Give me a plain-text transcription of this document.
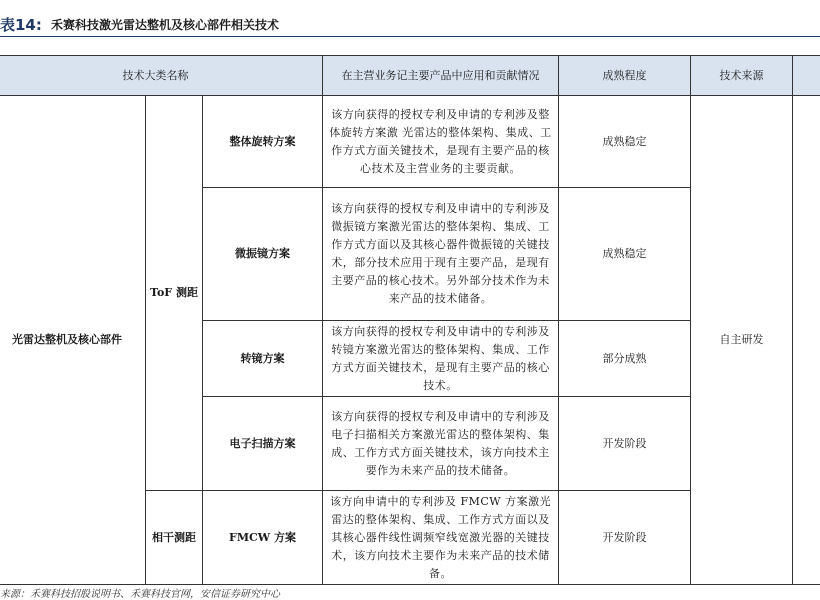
表14: 禾赛科技激光雷达整机及核心部件相关技术
技术大类名称			在主营业务记主要产品中应用和贡献情况	成熟程度	技术来源	
光雷达整机及核心部件	ToF 测距	整体旋转方案	该方向获得的授权专利及申请的专利涉及整体旋转方案激 光雷达的整体架构、集成、工作方式方面关键技术，是现有主要产品的核心技术及主营业务的主要贡献。	成熟稳定	自主研发	
		微振镜方案	该方向获得的授权专利及申请中的专利涉及微振镜方案激光雷达的整体架构、集成、工作方式方面以及其核心器件微振镜的关键技术，部分技术应用于现有主要产品，是现有主要产品的核心技术。另外部分技术作为未来产品的技术储备。	成熟稳定		
		转镜方案	该方向获得的授权专利及申请中的专利涉及转镜方案激光雷达的整体架构、集成、工作方式方面关键技术，是现有主要产品的核心技术。	部分成熟		
		电子扫描方案	该方向获得的授权专利及申请中的专利涉及电子扫描相关方案激光雷达的整体架构、集成、工作方式方面关键技术，该方向技术主要作为未来产品的技术储备。	开发阶段		
	相干测距	FMCW 方案	该方向申请中的专利涉及 FMCW 方案激光雷达的整体架构、集成、工作方式方面以及其核心器件线性调频窄线宽激光器的关键技术，该方向技术主要作为未来产品的技术储备。	开发阶段		
来源：禾赛科技招股说明书、禾赛科技官网，安信证券研究中心
